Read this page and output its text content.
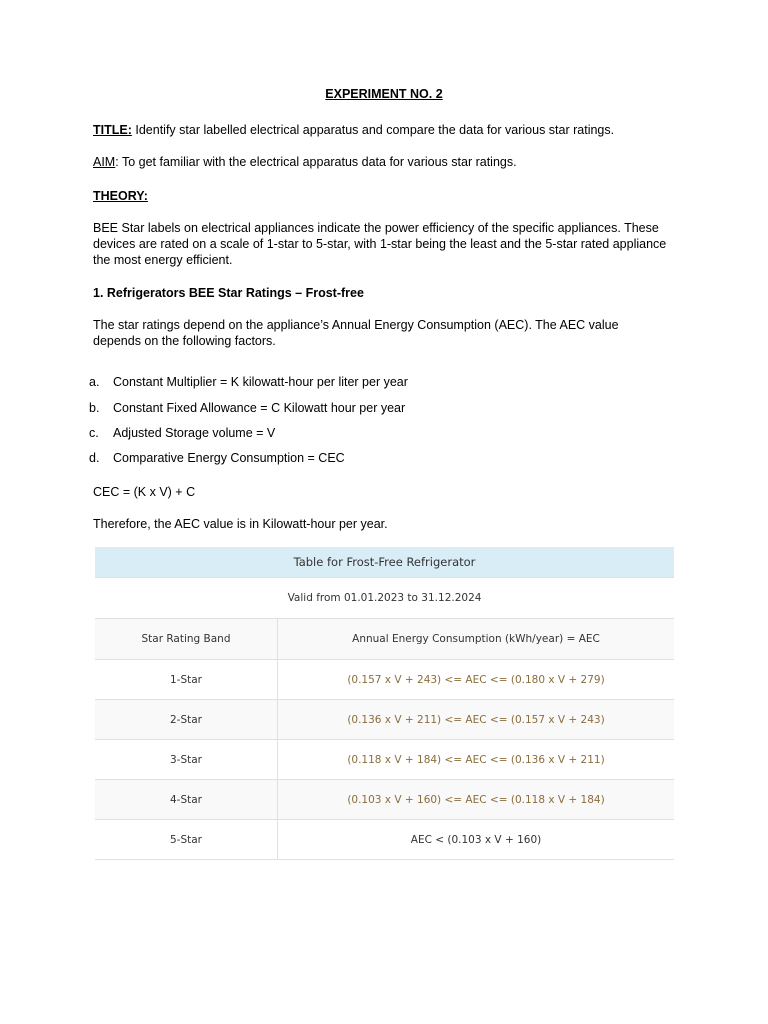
EXPERIMENT NO. 2
TITLE: Identify star labelled electrical apparatus and compare the data for various star ratings.
AIM: To get familiar with the electrical apparatus data for various star ratings.
THEORY:
BEE Star labels on electrical appliances indicate the power efficiency of the specific appliances. These devices are rated on a scale of 1-star to 5-star, with 1-star being the least and the 5-star rated appliance the most energy efficient.
1. Refrigerators BEE Star Ratings – Frost-free
The star ratings depend on the appliance’s Annual Energy Consumption (AEC). The AEC value depends on the following factors.
a. Constant Multiplier = K kilowatt-hour per liter per year
b. Constant Fixed Allowance = C Kilowatt hour per year
c. Adjusted Storage volume = V
d. Comparative Energy Consumption = CEC
CEC = (K x V) + C
Therefore, the AEC value is in Kilowatt-hour per year.
Table for Frost-Free Refrigerator	
Valid from 01.01.2023 to 31.12.2024	
Star Rating Band	Annual Energy Consumption (kWh/year) = AEC
1-Star	(0.157 x V + 243) <= AEC <= (0.180 x V + 279)
2-Star	(0.136 x V + 211) <= AEC <= (0.157 x V + 243)
3-Star	(0.118 x V + 184) <= AEC <= (0.136 x V + 211)
4-Star	(0.103 x V + 160) <= AEC <= (0.118 x V + 184)
5-Star	AEC < (0.103 x V + 160)
